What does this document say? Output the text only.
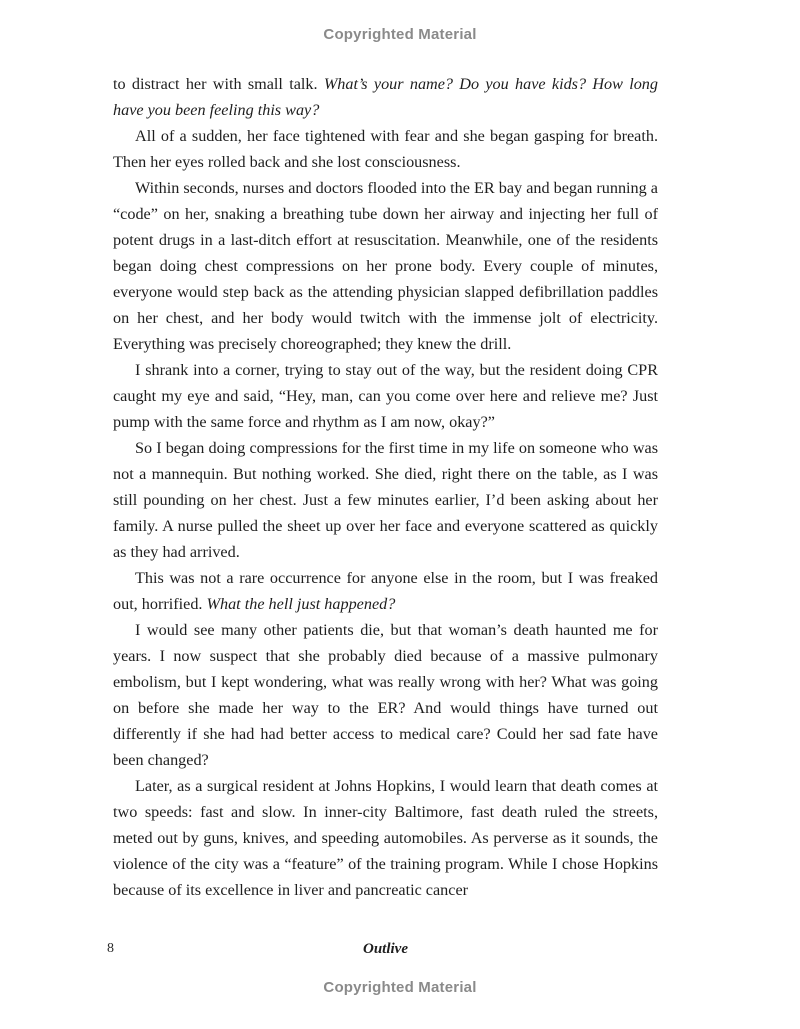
Copyrighted Material

to distract her with small talk. What’s your name? Do you have kids? How long have you been feeling this way?

All of a sudden, her face tightened with fear and she began gasping for breath. Then her eyes rolled back and she lost consciousness.

Within seconds, nurses and doctors flooded into the ER bay and began running a “code” on her, snaking a breathing tube down her airway and injecting her full of potent drugs in a last-ditch effort at resuscitation. Meanwhile, one of the residents began doing chest compressions on her prone body. Every couple of minutes, everyone would step back as the attending physician slapped defibrillation paddles on her chest, and her body would twitch with the immense jolt of electricity. Everything was precisely choreographed; they knew the drill.

I shrank into a corner, trying to stay out of the way, but the resident doing CPR caught my eye and said, “Hey, man, can you come over here and relieve me? Just pump with the same force and rhythm as I am now, okay?”

So I began doing compressions for the first time in my life on someone who was not a mannequin. But nothing worked. She died, right there on the table, as I was still pounding on her chest. Just a few minutes earlier, I’d been asking about her family. A nurse pulled the sheet up over her face and everyone scattered as quickly as they had arrived.

This was not a rare occurrence for anyone else in the room, but I was freaked out, horrified. What the hell just happened?

I would see many other patients die, but that woman’s death haunted me for years. I now suspect that she probably died because of a massive pulmonary embolism, but I kept wondering, what was really wrong with her? What was going on before she made her way to the ER? And would things have turned out differently if she had had better access to medical care? Could her sad fate have been changed?

Later, as a surgical resident at Johns Hopkins, I would learn that death comes at two speeds: fast and slow. In inner-city Baltimore, fast death ruled the streets, meted out by guns, knives, and speeding automobiles. As perverse as it sounds, the violence of the city was a “feature” of the training program. While I chose Hopkins because of its excellence in liver and pancreatic cancer

8	Outlive
Copyrighted Material
